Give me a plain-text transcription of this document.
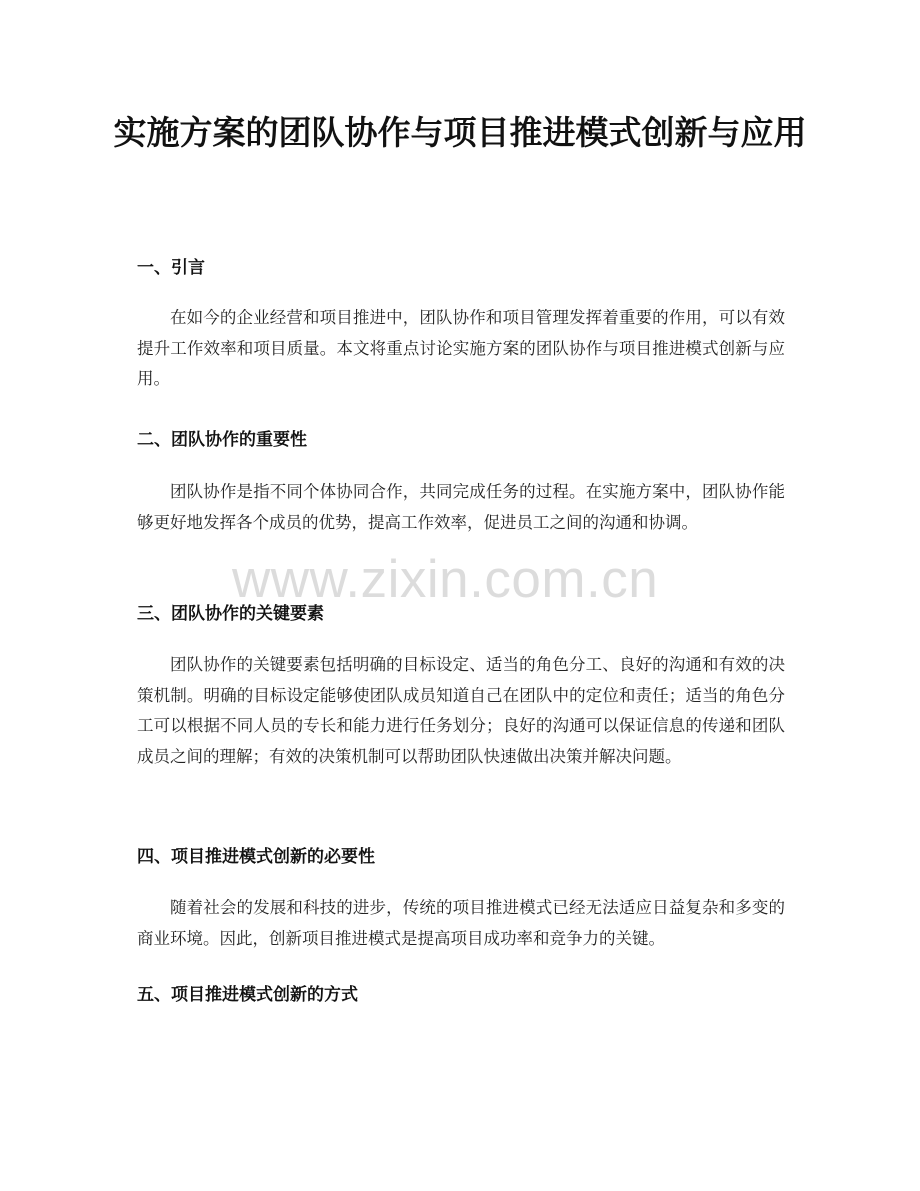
实施方案的团队协作与项目推进模式创新与应用
一、引言

在如今的企业经营和项目推进中，团队协作和项目管理发挥着重要的作用，可以有效提升工作效率和项目质量。本文将重点讨论实施方案的团队协作与项目推进模式创新与应用。

二、团队协作的重要性

团队协作是指不同个体协同合作，共同完成任务的过程。在实施方案中，团队协作能够更好地发挥各个成员的优势，提高工作效率，促进员工之间的沟通和协调。

三、团队协作的关键要素

团队协作的关键要素包括明确的目标设定、适当的角色分工、良好的沟通和有效的决策机制。明确的目标设定能够使团队成员知道自己在团队中的定位和责任；适当的角色分工可以根据不同人员的专长和能力进行任务划分；良好的沟通可以保证信息的传递和团队成员之间的理解；有效的决策机制可以帮助团队快速做出决策并解决问题。

四、项目推进模式创新的必要性

随着社会的发展和科技的进步，传统的项目推进模式已经无法适应日益复杂和多变的商业环境。因此，创新项目推进模式是提高项目成功率和竞争力的关键。

五、项目推进模式创新的方式
www.zixin.com.cn
